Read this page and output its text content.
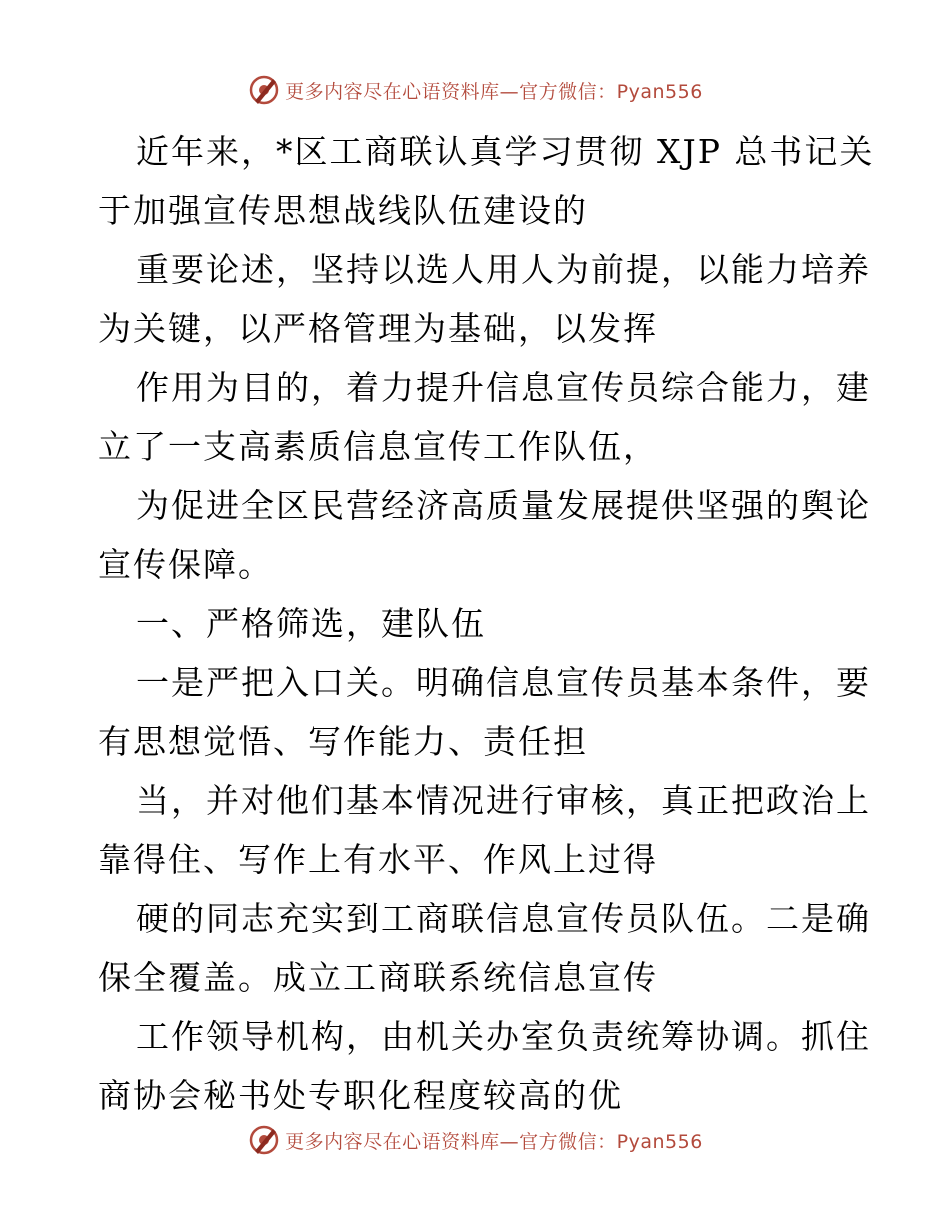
更多内容尽在心语资料库—官方微信：Pyan556
近年来，*区工商联认真学习贯彻 XJP 总书记关
于加强宣传思想战线队伍建设的
重要论述，坚持以选人用人为前提，以能力培养
为关键，以严格管理为基础，以发挥
作用为目的，着力提升信息宣传员综合能力，建
立了一支高素质信息宣传工作队伍，
为促进全区民营经济高质量发展提供坚强的舆论
宣传保障。
一、严格筛选，建队伍
一是严把入口关。明确信息宣传员基本条件，要
有思想觉悟、写作能力、责任担
当，并对他们基本情况进行审核，真正把政治上
靠得住、写作上有水平、作风上过得
硬的同志充实到工商联信息宣传员队伍。二是确
保全覆盖。成立工商联系统信息宣传
工作领导机构，由机关办室负责统筹协调。抓住
商协会秘书处专职化程度较高的优
更多内容尽在心语资料库—官方微信：Pyan556
